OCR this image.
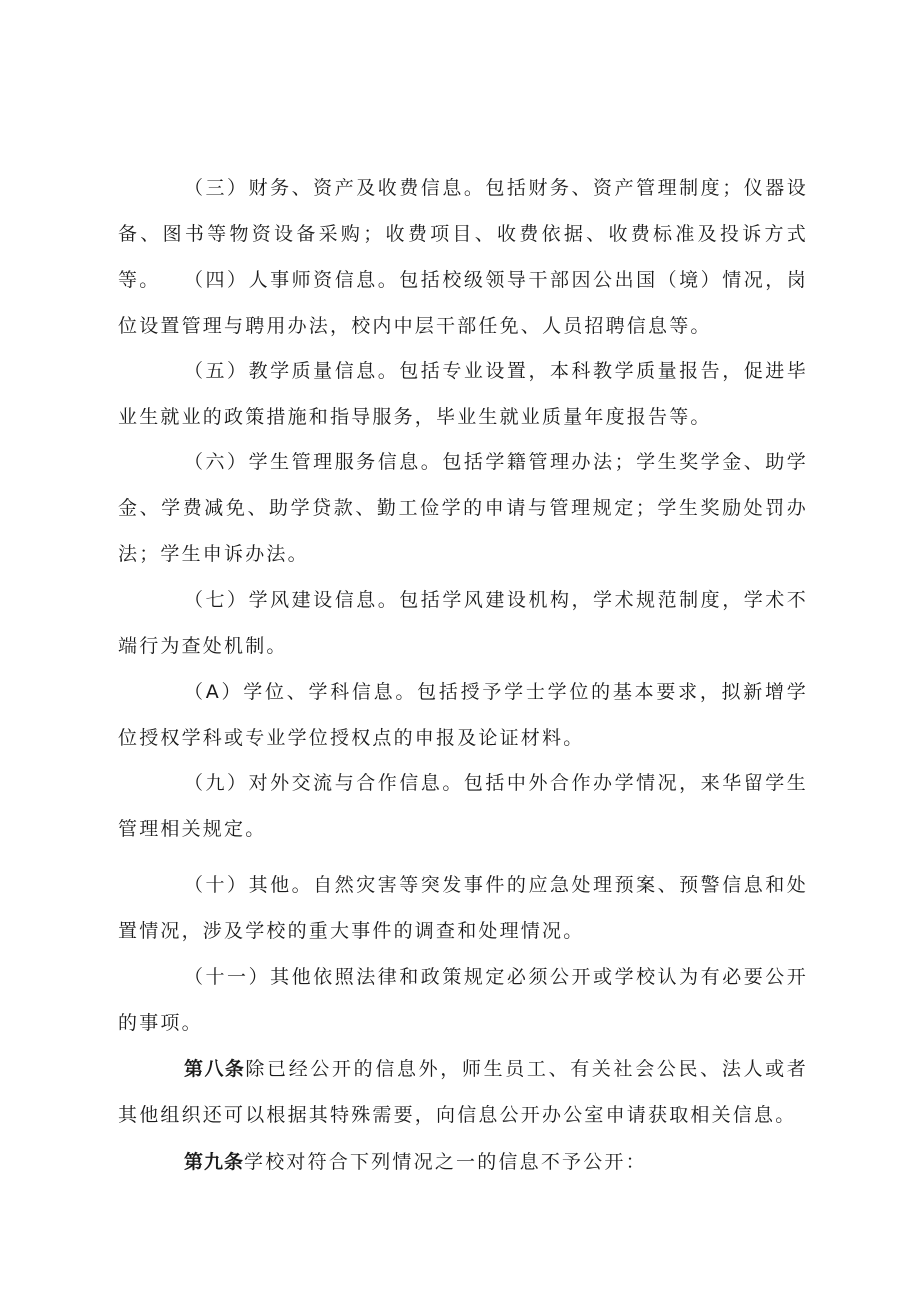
（三）财务、资产及收费信息。包括财务、资产管理制度；仪器设备、图书等物资设备采购；收费项目、收费依据、收费标准及投诉方式等。	（四）人事师资信息。包括校级领导干部因公出国（境）情况，岗位设置管理与聘用办法，校内中层干部任免、人员招聘信息等。

（五）教学质量信息。包括专业设置，本科教学质量报告，促进毕业生就业的政策措施和指导服务，毕业生就业质量年度报告等。

（六）学生管理服务信息。包括学籍管理办法；学生奖学金、助学金、学费减免、助学贷款、勤工俭学的申请与管理规定；学生奖励处罚办法；学生申诉办法。

（七）学风建设信息。包括学风建设机构，学术规范制度，学术不端行为查处机制。

（A）学位、学科信息。包括授予学士学位的基本要求，拟新增学位授权学科或专业学位授权点的申报及论证材料。

（九）对外交流与合作信息。包括中外合作办学情况，来华留学生管理相关规定。

（十）其他。自然灾害等突发事件的应急处理预案、预警信息和处置情况，涉及学校的重大事件的调查和处理情况。

（十一）其他依照法律和政策规定必须公开或学校认为有必要公开的事项。

第八条除已经公开的信息外，师生员工、有关社会公民、法人或者其他组织还可以根据其特殊需要，向信息公开办公室申请获取相关信息。

第九条学校对符合下列情况之一的信息不予公开：
